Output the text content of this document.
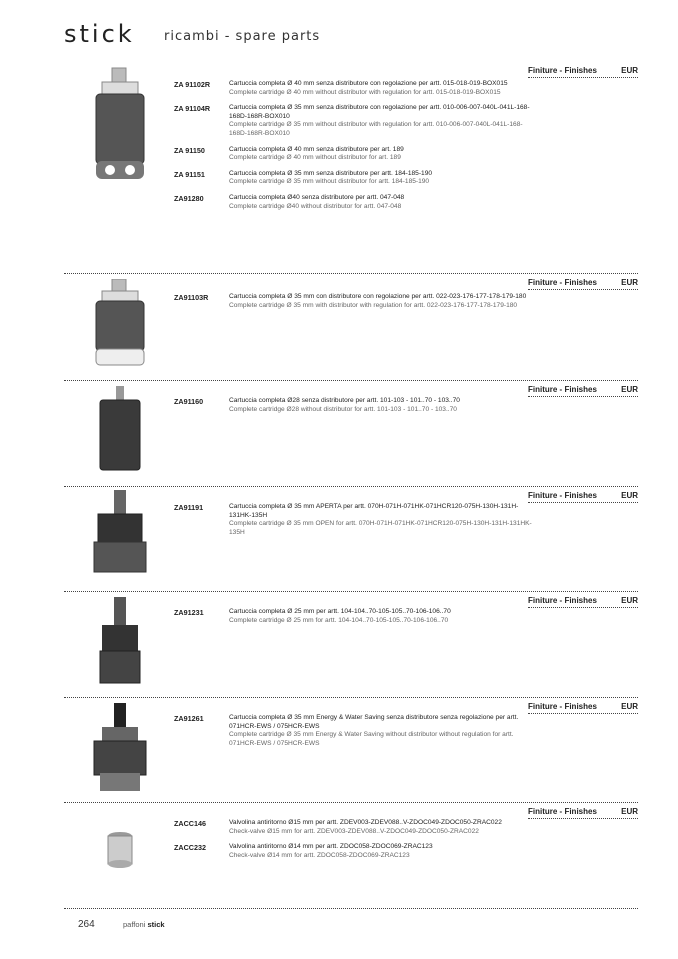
stick ricambi - spare parts
Finiture - Finishes	EUR
ZA 91102R	Cartuccia completa Ø 40 mm senza distributore con regolazione per artt. 015-018-019-BOX015
Complete cartridge Ø 40 mm without distributor with regulation for artt. 015-018-019-BOX015
ZA 91104R	Cartuccia completa Ø 35 mm senza distributore con regolazione per artt. 010-006-007-040L-041L-168-168D-168R-BOX010
Complete cartridge Ø 35 mm without distributor with regulation for artt. 010-006-007-040L-041L-168-168D-168R-BOX010
ZA 91150	Cartuccia completa Ø 40 mm senza distributore per art. 189
Complete cartridge Ø 40 mm without distributor for art. 189
ZA 91151	Cartuccia completa Ø 35 mm senza distributore per artt. 184-185-190
Complete cartridge Ø 35 mm without distributor for artt. 184-185-190
ZA91280	Cartuccia completa Ø40 senza distributore per artt. 047-048
Complete cartridge Ø40 without distributor for artt. 047-048
Finiture - Finishes	EUR
ZA91103R	Cartuccia completa Ø 35 mm con distributore con regolazione per artt. 022-023-176-177-178-179-180
Complete cartridge Ø 35 mm with distributor with regulation for artt. 022-023-176-177-178-179-180
Finiture - Finishes	EUR
ZA91160	Cartuccia completa Ø28 senza distributore per artt. 101-103 - 101..70 - 103..70
Complete cartridge Ø28 without distributor for artt. 101-103 - 101..70 - 103..70
Finiture - Finishes	EUR
ZA91191	Cartuccia completa Ø 35 mm APERTA per artt. 070H-071H-071HK-071HCR120-075H-130H-131H-131HK-135H
Complete cartridge Ø 35 mm OPEN for artt. 070H-071H-071HK-071HCR120-075H-130H-131H-131HK-135H
Finiture - Finishes	EUR
ZA91231	Cartuccia completa Ø 25 mm per artt. 104-104..70-105-105..70-106-106..70
Complete cartridge Ø 25 mm for artt. 104-104..70-105-105..70-106-106..70
Finiture - Finishes	EUR
ZA91261	Cartuccia completa Ø 35 mm Energy & Water Saving senza distributore senza regolazione per artt. 071HCR-EWS / 075HCR-EWS
Complete cartridge Ø 35 mm Energy & Water Saving without distributor without regulation for artt. 071HCR-EWS / 075HCR-EWS
Finiture - Finishes	EUR
ZACC146	Valvolina antiritorno Ø15 mm per artt. ZDEV003-ZDEV088..V-ZDOC049-ZDOC050-ZRAC022
Check-valve Ø15 mm for artt. ZDEV003-ZDEV088..V-ZDOC049-ZDOC050-ZRAC022
ZACC232	Valvolina antiritorno Ø14 mm per artt. ZDOC058-ZDOC069-ZRAC123
Check-valve Ø14 mm for artt. ZDOC058-ZDOC069-ZRAC123
264	paffoni stick
